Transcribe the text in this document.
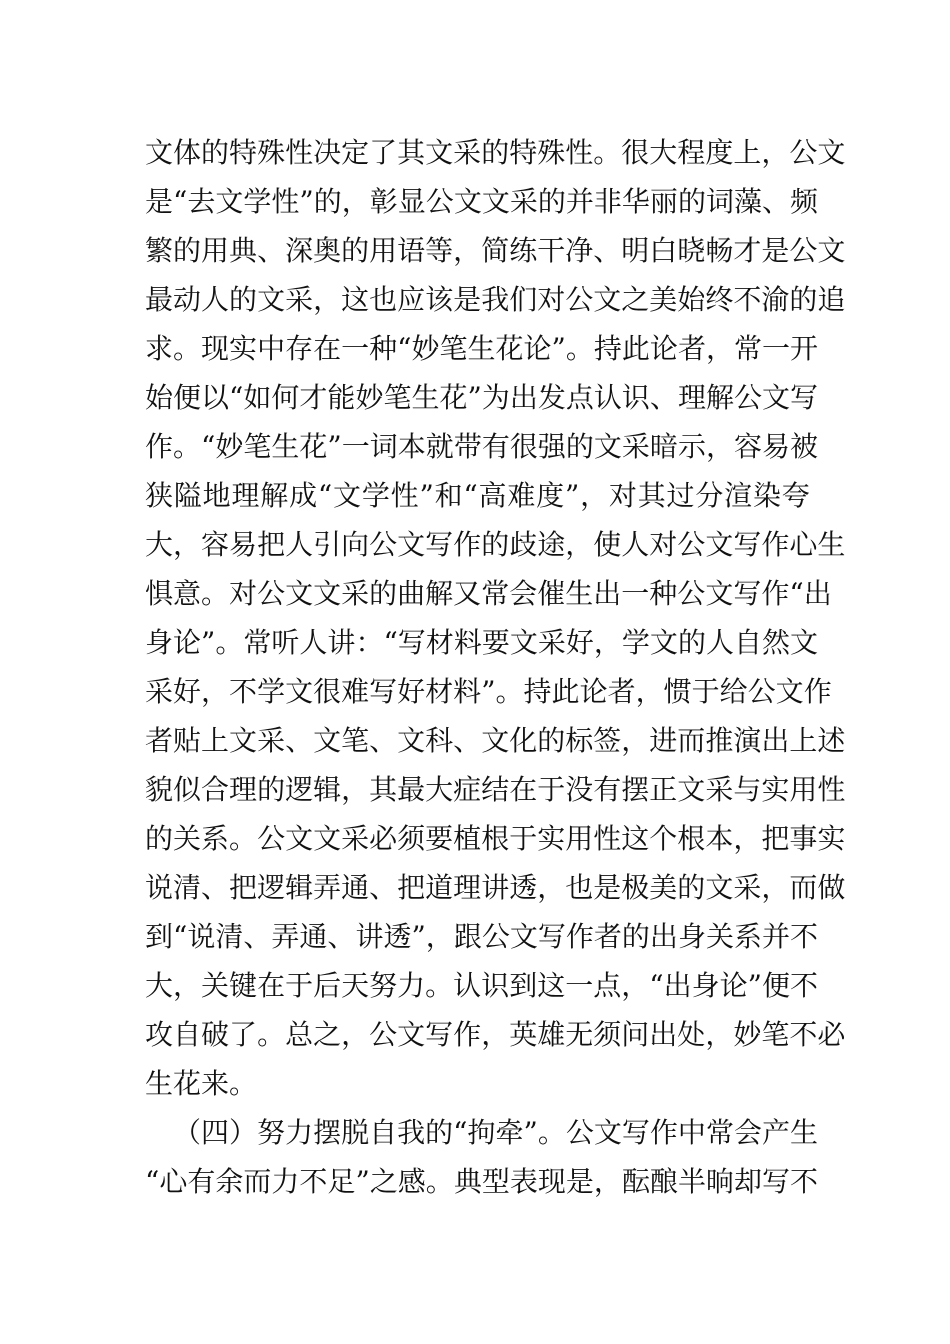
文 体 的 特 殊 性 决 定 了 其 文 采 的 特 殊 性 。 很 大 程 度 上 ， 公 文
是 “ 去 文 学 性 ” 的 ， 彰 显 公 文 文 采 的 并 非 华 丽 的 词 藻 、 频
繁 的 用 典 、 深 奥 的 用 语 等 ， 简 练 干 净 、 明 白 晓 畅 才 是 公 文
最 动 人 的 文 采 ， 这 也 应 该 是 我 们 对 公 文 之 美 始 终 不 渝 的 追
求 。 现 实 中 存 在 一 种 “ 妙 笔 生 花 论 ” 。 持 此 论 者 ， 常 一 开
始 便 以 “ 如 何 才 能 妙 笔 生 花 ” 为 出 发 点 认 识 、 理 解 公 文 写
作 。 “ 妙 笔 生 花 ” 一 词 本 就 带 有 很 强 的 文 采 暗 示 ， 容 易 被
狭 隘 地 理 解 成 “ 文 学 性 ” 和 “ 高 难 度 ” ， 对 其 过 分 渲 染 夸
大 ， 容 易 把 人 引 向 公 文 写 作 的 歧 途 ， 使 人 对 公 文 写 作 心 生
惧 意 。 对 公 文 文 采 的 曲 解 又 常 会 催 生 出 一 种 公 文 写 作 “ 出
身 论 ” 。 常 听 人 讲 ： “ 写 材 料 要 文 采 好 ， 学 文 的 人 自 然 文
采 好 ， 不 学 文 很 难 写 好 材 料 ” 。 持 此 论 者 ， 惯 于 给 公 文 作
者 贴 上 文 采 、 文 笔 、 文 科 、 文 化 的 标 签 ， 进 而 推 演 出 上 述
貌 似 合 理 的 逻 辑 ， 其 最 大 症 结 在 于 没 有 摆 正 文 采 与 实 用 性
的 关 系 。 公 文 文 采 必 须 要 植 根 于 实 用 性 这 个 根 本 ， 把 事 实
说 清 、 把 逻 辑 弄 通 、 把 道 理 讲 透 ， 也 是 极 美 的 文 采 ， 而 做
到 “ 说 清 、 弄 通 、 讲 透 ” ， 跟 公 文 写 作 者 的 出 身 关 系 并 不
大 ， 关 键 在 于 后 天 努 力 。 认 识 到 这 一 点 ， “ 出 身 论 ” 便 不
攻 自 破 了 。 总 之 ， 公 文 写 作 ， 英 雄 无 须 问 出 处 ， 妙 笔 不 必
生花来。
（ 四 ） 努 力 摆 脱 自 我 的 “ 拘 牵 ” 。 公 文 写 作 中 常 会 产 生
“ 心 有 余 而 力 不 足 ” 之 感 。 典 型 表 现 是 ， 酝 酿 半 晌 却 写 不
